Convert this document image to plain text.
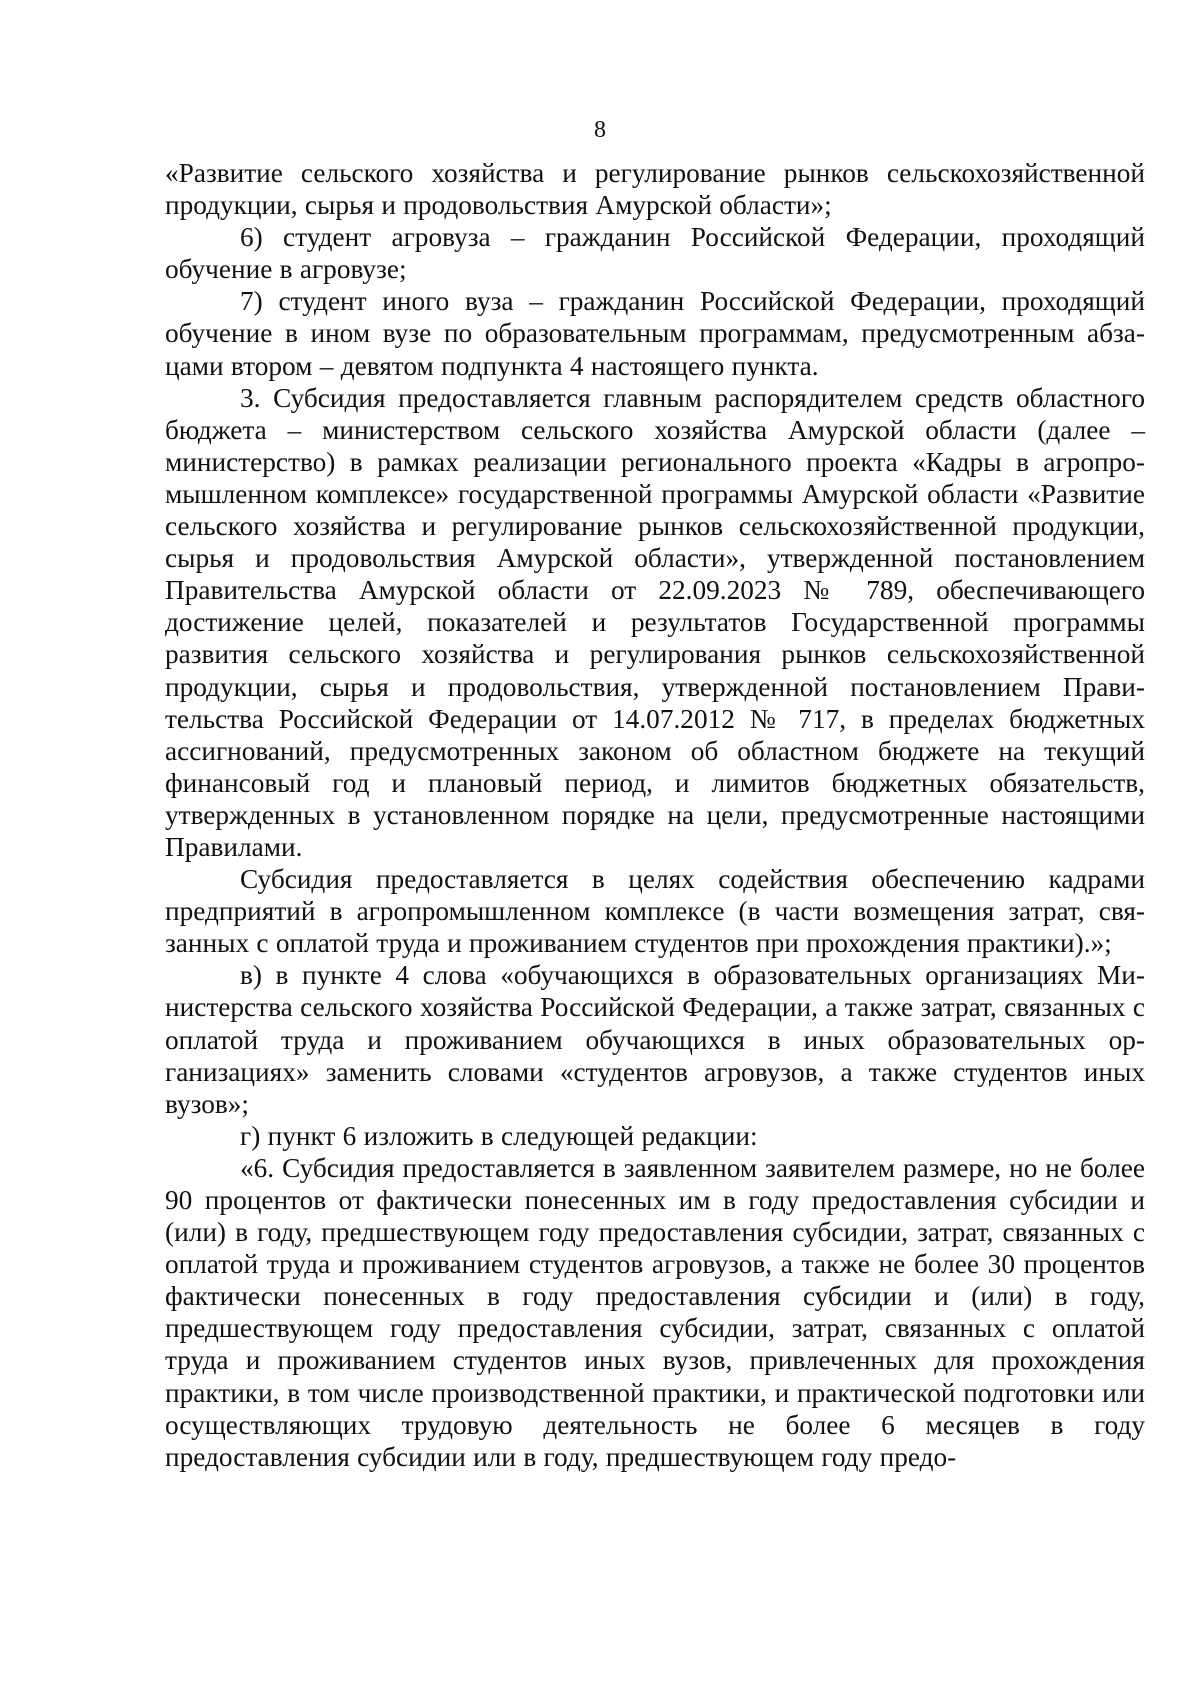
8

«Развитие сельского хозяйства и регулирование рынков сельскохозяйственной продукции, сырья и продовольствия Амурской области»;

6) студент агровуза – гражданин Российской Федерации, проходящий обучение в агровузе;

7) студент иного вуза – гражданин Российской Федерации, проходящий обучение в ином вузе по образовательным программам, предусмотренным абзацами втором – девятом подпункта 4 настоящего пункта.

3. Субсидия предоставляется главным распорядителем средств областного бюджета – министерством сельского хозяйства Амурской области (далее – министерство) в рамках реализации регионального проекта «Кадры в агропромышленном комплексе» государственной программы Амурской области «Развитие сельского хозяйства и регулирование рынков сельскохозяйственной продукции, сырья и продовольствия Амурской области», утвержденной постановлением Правительства Амурской области от 22.09.2023 № 789, обеспечивающего достижение целей, показателей и результатов Государственной программы развития сельского хозяйства и регулирования рынков сельскохозяйственной продукции, сырья и продовольствия, утвержденной постановлением Правительства Российской Федерации от 14.07.2012 № 717, в пределах бюджетных ассигнований, предусмотренных законом об областном бюджете на текущий финансовый год и плановый период, и лимитов бюджетных обязательств, утвержденных в установленном порядке на цели, предусмотренные настоящими Правилами.

Субсидия предоставляется в целях содействия обеспечению кадрами предприятий в агропромышленном комплексе (в части возмещения затрат, связанных с оплатой труда и проживанием студентов при прохождения практики).»;

в) в пункте 4 слова «обучающихся в образовательных организациях Министерства сельского хозяйства Российской Федерации, а также затрат, связанных с оплатой труда и проживанием обучающихся в иных образовательных организациях» заменить словами «студентов агровузов, а также студентов иных вузов»;

г) пункт 6 изложить в следующей редакции:

«6. Субсидия предоставляется в заявленном заявителем размере, но не более 90 процентов от фактически понесенных им в году предоставления субсидии и (или) в году, предшествующем году предоставления субсидии, затрат, связанных с оплатой труда и проживанием студентов агровузов, а также не более 30 процентов фактически понесенных в году предоставления субсидии и (или) в году, предшествующем году предоставления субсидии, затрат, связанных с оплатой труда и проживанием студентов иных вузов, привлеченных для прохождения практики, в том числе производственной практики, и практической подготовки или осуществляющих трудовую деятельность не более 6 месяцев в году предоставления субсидии или в году, предшествующем году предо-
